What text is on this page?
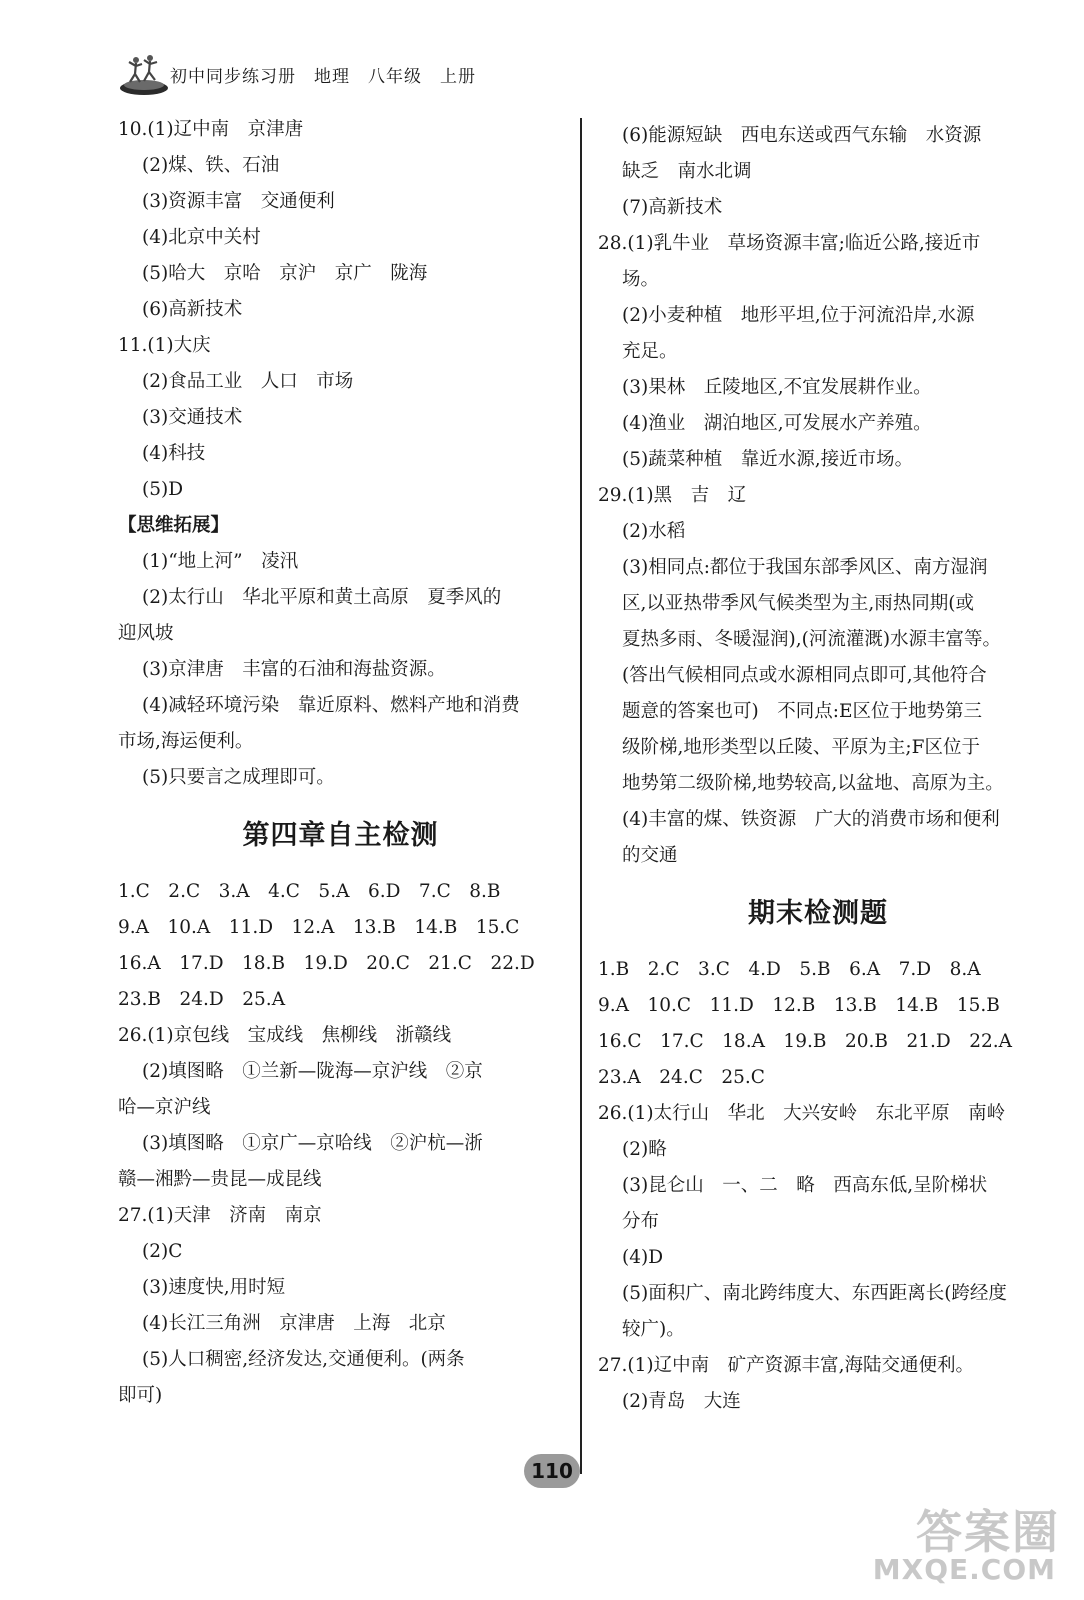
初中同步练习册　地理　八年级　上册
10.(1)辽中南　京津唐
(2)煤、铁、石油
(3)资源丰富　交通便利
(4)北京中关村
(5)哈大　京哈　京沪　京广　陇海
(6)高新技术
11.(1)大庆
(2)食品工业　人口　市场
(3)交通技术
(4)科技
(5)D
【思维拓展】
(1)“地上河”　凌汛
(2)太行山　华北平原和黄土高原　夏季风的
迎风坡
(3)京津唐　丰富的石油和海盐资源。
(4)减轻环境污染　靠近原料、燃料产地和消费
市场,海运便利。
(5)只要言之成理即可。
第四章自主检测
1.C　2.C　3.A　4.C　5.A　6.D　7.C　8.B
9.A　10.A　11.D　12.A　13.B　14.B　15.C
16.A　17.D　18.B　19.D　20.C　21.C　22.D
23.B　24.D　25.A
26.(1)京包线　宝成线　焦柳线　浙赣线
(2)填图略　①兰新—陇海—京沪线　②京
哈—京沪线
(3)填图略　①京广—京哈线　②沪杭—浙
赣—湘黔—贵昆—成昆线
27.(1)天津　济南　南京
(2)C
(3)速度快,用时短
(4)长江三角洲　京津唐　上海　北京
(5)人口稠密,经济发达,交通便利。(两条
即可)
(6)能源短缺　西电东送或西气东输　水资源
缺乏　南水北调
(7)高新技术
28.(1)乳牛业　草场资源丰富;临近公路,接近市
场。
(2)小麦种植　地形平坦,位于河流沿岸,水源
充足。
(3)果林　丘陵地区,不宜发展耕作业。
(4)渔业　湖泊地区,可发展水产养殖。
(5)蔬菜种植　靠近水源,接近市场。
29.(1)黑　吉　辽
(2)水稻
(3)相同点:都位于我国东部季风区、南方湿润
区,以亚热带季风气候类型为主,雨热同期(或
夏热多雨、冬暖湿润),(河流灌溉)水源丰富等。
(答出气候相同点或水源相同点即可,其他符合
题意的答案也可)　不同点:E区位于地势第三
级阶梯,地形类型以丘陵、平原为主;F区位于
地势第二级阶梯,地势较高,以盆地、高原为主。
(4)丰富的煤、铁资源　广大的消费市场和便利
的交通
期末检测题
1.B　2.C　3.C　4.D　5.B　6.A　7.D　8.A
9.A　10.C　11.D　12.B　13.B　14.B　15.B
16.C　17.C　18.A　19.B　20.B　21.D　22.A
23.A　24.C　25.C
26.(1)太行山　华北　大兴安岭　东北平原　南岭
(2)略
(3)昆仑山　一、二　略　西高东低,呈阶梯状
分布
(4)D
(5)面积广、南北跨纬度大、东西距离长(跨经度
较广)。
27.(1)辽中南　矿产资源丰富,海陆交通便利。
(2)青岛　大连
110
答案圈
MXQE.COM
